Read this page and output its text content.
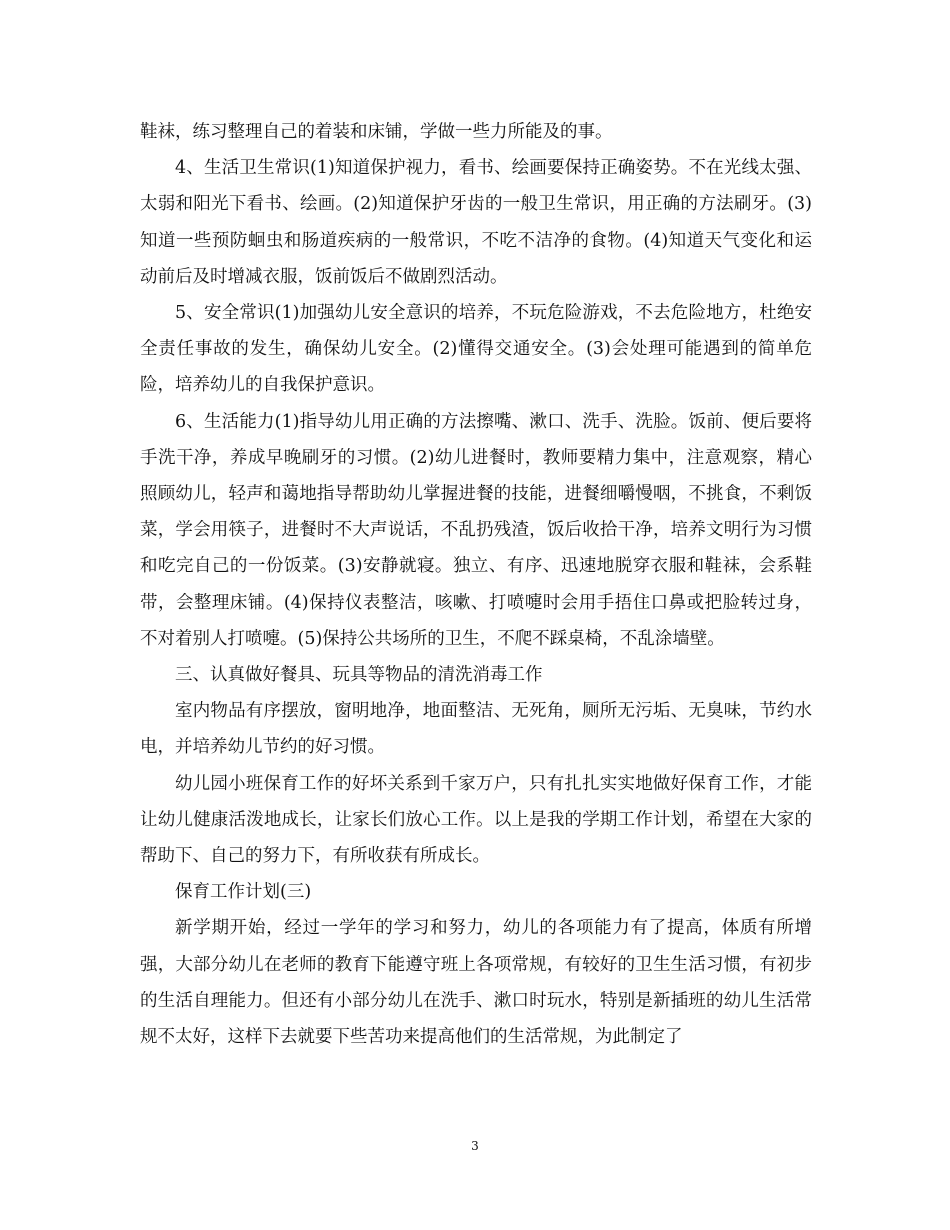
鞋袜，练习整理自己的着装和床铺，学做一些力所能及的事。

4、生活卫生常识(1)知道保护视力，看书、绘画要保持正确姿势。不在光线太强、太弱和阳光下看书、绘画。(2)知道保护牙齿的一般卫生常识，用正确的方法刷牙。(3)知道一些预防蛔虫和肠道疾病的一般常识，不吃不洁净的食物。(4)知道天气变化和运动前后及时增减衣服，饭前饭后不做剧烈活动。

5、安全常识(1)加强幼儿安全意识的培养，不玩危险游戏，不去危险地方，杜绝安全责任事故的发生，确保幼儿安全。(2)懂得交通安全。(3)会处理可能遇到的简单危险，培养幼儿的自我保护意识。

6、生活能力(1)指导幼儿用正确的方法擦嘴、漱口、洗手、洗脸。饭前、便后要将手洗干净，养成早晚刷牙的习惯。(2)幼儿进餐时，教师要精力集中，注意观察，精心照顾幼儿，轻声和蔼地指导帮助幼儿掌握进餐的技能，进餐细嚼慢咽，不挑食，不剩饭菜，学会用筷子，进餐时不大声说话，不乱扔残渣，饭后收拾干净，培养文明行为习惯和吃完自己的一份饭菜。(3)安静就寝。独立、有序、迅速地脱穿衣服和鞋袜，会系鞋带，会整理床铺。(4)保持仪表整洁，咳嗽、打喷嚏时会用手捂住口鼻或把脸转过身，不对着别人打喷嚏。(5)保持公共场所的卫生，不爬不踩桌椅，不乱涂墙壁。

三、认真做好餐具、玩具等物品的清洗消毒工作

室内物品有序摆放，窗明地净，地面整洁、无死角，厕所无污垢、无臭味，节约水电，并培养幼儿节约的好习惯。

幼儿园小班保育工作的好坏关系到千家万户，只有扎扎实实地做好保育工作，才能让幼儿健康活泼地成长，让家长们放心工作。以上是我的学期工作计划，希望在大家的帮助下、自己的努力下，有所收获有所成长。

保育工作计划(三)

新学期开始，经过一学年的学习和努力，幼儿的各项能力有了提高，体质有所增强，大部分幼儿在老师的教育下能遵守班上各项常规，有较好的卫生生活习惯，有初步的生活自理能力。但还有小部分幼儿在洗手、漱口时玩水，特别是新插班的幼儿生活常规不太好，这样下去就要下些苦功来提高他们的生活常规，为此制定了

3
